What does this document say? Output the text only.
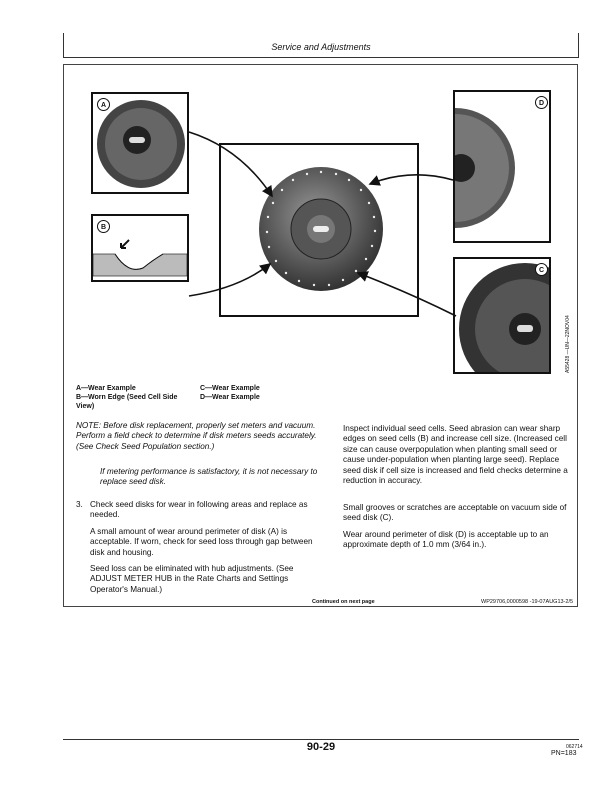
Service and Adjustments
A
B
D
C
A55428 —UN—22NOV04
A—Wear Example
B—Worn Edge (Seed Cell Side View)
C—Wear Example
D—Wear Example
NOTE: Before disk replacement, properly set meters and vacuum. Perform a field check to determine if disk meters seeds accurately. (See Check Seed Population section.)
If metering performance is satisfactory, it is not necessary to replace seed disk.
3. Check seed disks for wear in following areas and replace as needed.
A small amount of wear around perimeter of disk (A) is acceptable. If worn, check for seed loss through gap between disk and housing.
Seed loss can be eliminated with hub adjustments. (See ADJUST METER HUB in the Rate Charts and Settings Operator's Manual.)
Inspect individual seed cells. Seed abrasion can wear sharp edges on seed cells (B) and increase cell size. (Increased cell size can cause overpopulation when planting small seed or cause under-population when planting large seed). Replace seed disk if cell size is increased and field checks determine a reduction in accuracy.
Small grooves or scratches are acceptable on vacuum side of seed disk (C).
Wear around perimeter of disk (D) is acceptable up to an approximate depth of 1.0 mm (3/64 in.).
Continued on next page	WP29706,0000598 -19-07AUG13-2/5
90-29	062714
PN=183
